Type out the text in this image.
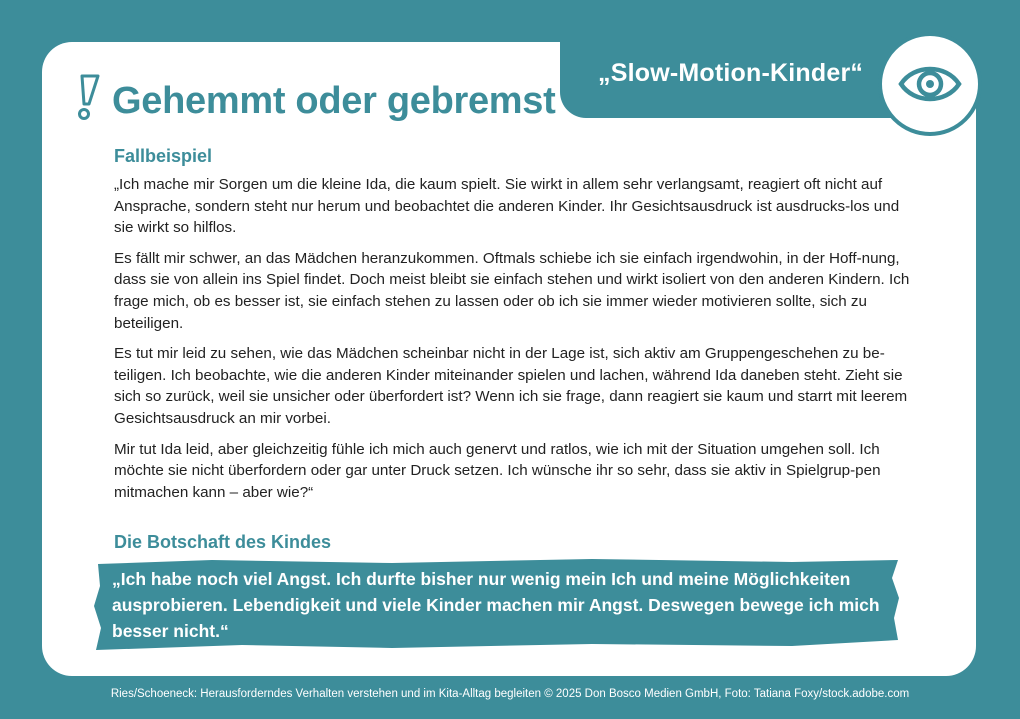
„Slow-Motion-Kinder“
Gehemmt oder gebremst
Fallbeispiel

„Ich mache mir Sorgen um die kleine Ida, die kaum spielt. Sie wirkt in allem sehr verlangsamt, reagiert oft nicht auf Ansprache, sondern steht nur herum und beobachtet die anderen Kinder. Ihr Gesichtsausdruck ist ausdrucks-los und sie wirkt so hilflos.

Es fällt mir schwer, an das Mädchen heranzukommen. Oftmals schiebe ich sie einfach irgendwohin, in der Hoff-nung, dass sie von allein ins Spiel findet. Doch meist bleibt sie einfach stehen und wirkt isoliert von den anderen Kindern. Ich frage mich, ob es besser ist, sie einfach stehen zu lassen oder ob ich sie immer wieder motivieren sollte, sich zu beteiligen.

Es tut mir leid zu sehen, wie das Mädchen scheinbar nicht in der Lage ist, sich aktiv am Gruppengeschehen zu be-teiligen. Ich beobachte, wie die anderen Kinder miteinander spielen und lachen, während Ida daneben steht. Zieht sie sich so zurück, weil sie unsicher oder überfordert ist? Wenn ich sie frage, dann reagiert sie kaum und starrt mit leerem Gesichtsausdruck an mir vorbei.

Mir tut Ida leid, aber gleichzeitig fühle ich mich auch genervt und ratlos, wie ich mit der Situation umgehen soll. Ich möchte sie nicht überfordern oder gar unter Druck setzen. Ich wünsche ihr so sehr, dass sie aktiv in Spielgrup-pen mitmachen kann – aber wie?“

Die Botschaft des Kindes
„Ich habe noch viel Angst. Ich durfte bisher nur wenig mein Ich und meine Möglichkeiten ausprobieren. Lebendigkeit und viele Kinder machen mir Angst. Deswegen bewege ich mich besser nicht.“
Ries/Schoeneck: Herausforderndes Verhalten verstehen und im Kita-Alltag begleiten © 2025 Don Bosco Medien GmbH, Foto: Tatiana Foxy/stock.adobe.com
